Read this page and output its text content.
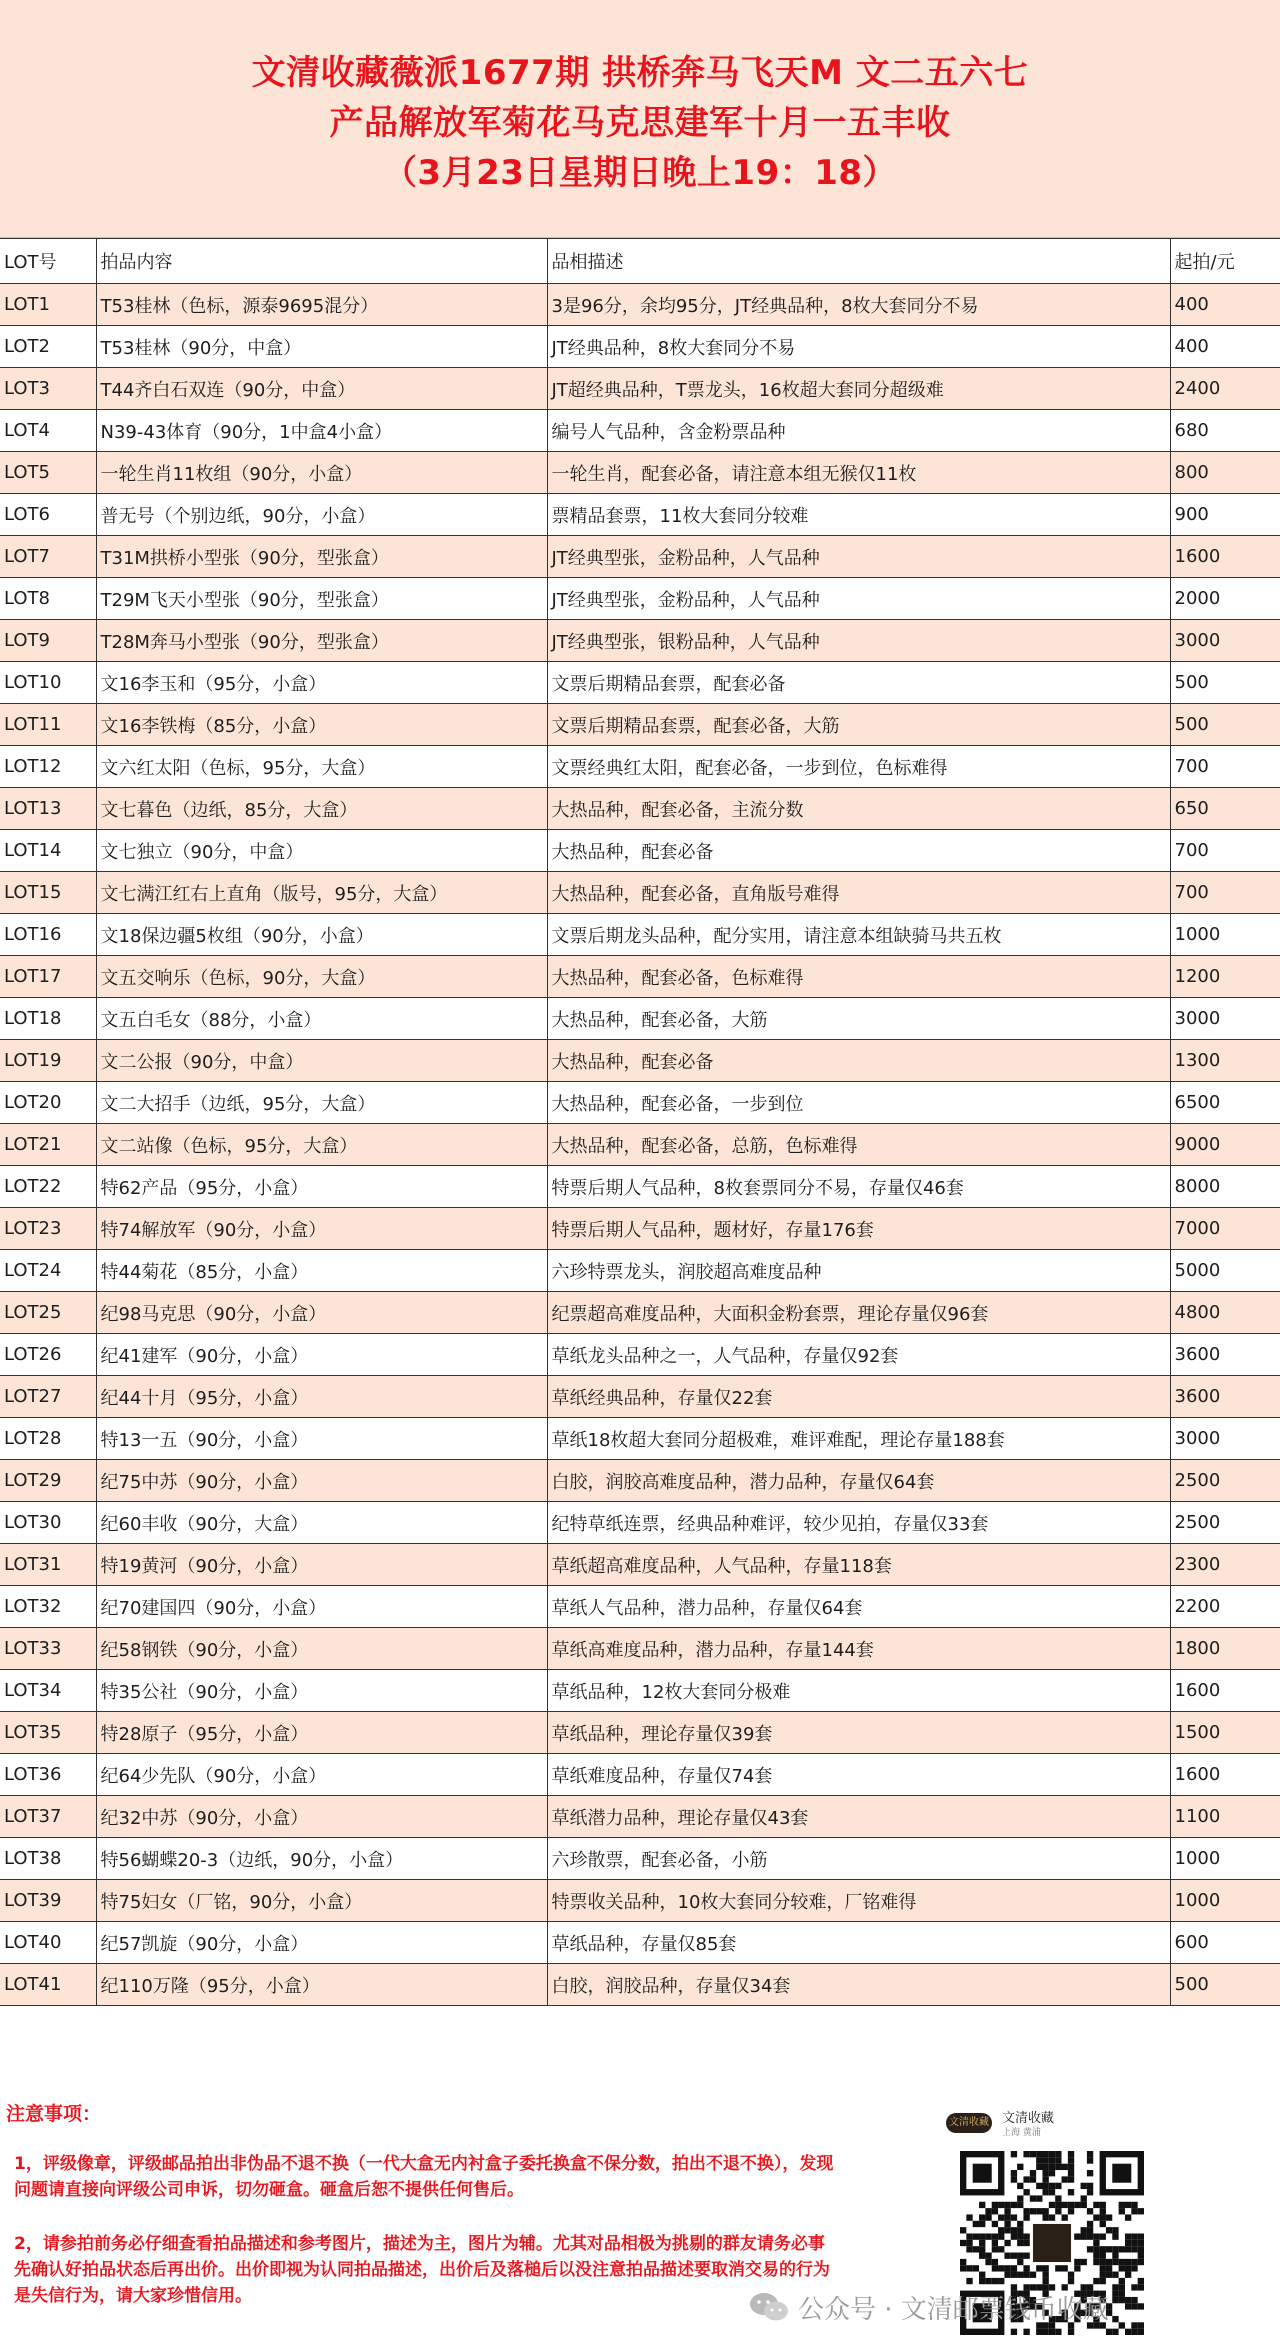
文清收藏薇派1677期 拱桥奔马飞天M 文二五六七
产品解放军菊花马克思建军十月一五丰收
（3月23日星期日晚上19：18）
LOT号	拍品内容	品相描述	起拍/元
LOT1	T53桂林（色标，源泰9695混分）	3是96分，余均95分，JT经典品种，8枚大套同分不易	400
LOT2	T53桂林（90分，中盒）	JT经典品种，8枚大套同分不易	400
LOT3	T44齐白石双连（90分，中盒）	JT超经典品种，T票龙头，16枚超大套同分超级难	2400
LOT4	N39-43体育（90分，1中盒4小盒）	编号人气品种，含金粉票品种	680
LOT5	一轮生肖11枚组（90分，小盒）	一轮生肖，配套必备，请注意本组无猴仅11枚	800
LOT6	普无号（个别边纸，90分，小盒）	票精品套票，11枚大套同分较难	900
LOT7	T31M拱桥小型张（90分，型张盒）	JT经典型张，金粉品种，人气品种	1600
LOT8	T29M飞天小型张（90分，型张盒）	JT经典型张，金粉品种，人气品种	2000
LOT9	T28M奔马小型张（90分，型张盒）	JT经典型张，银粉品种，人气品种	3000
LOT10	文16李玉和（95分，小盒）	文票后期精品套票，配套必备	500
LOT11	文16李铁梅（85分，小盒）	文票后期精品套票，配套必备，大筋	500
LOT12	文六红太阳（色标，95分，大盒）	文票经典红太阳，配套必备，一步到位，色标难得	700
LOT13	文七暮色（边纸，85分，大盒）	大热品种，配套必备，主流分数	650
LOT14	文七独立（90分，中盒）	大热品种，配套必备	700
LOT15	文七满江红右上直角（版号，95分，大盒）	大热品种，配套必备，直角版号难得	700
LOT16	文18保边疆5枚组（90分，小盒）	文票后期龙头品种，配分实用，请注意本组缺骑马共五枚	1000
LOT17	文五交响乐（色标，90分，大盒）	大热品种，配套必备，色标难得	1200
LOT18	文五白毛女（88分，小盒）	大热品种，配套必备，大筋	3000
LOT19	文二公报（90分，中盒）	大热品种，配套必备	1300
LOT20	文二大招手（边纸，95分，大盒）	大热品种，配套必备，一步到位	6500
LOT21	文二站像（色标，95分，大盒）	大热品种，配套必备，总筋，色标难得	9000
LOT22	特62产品（95分，小盒）	特票后期人气品种，8枚套票同分不易，存量仅46套	8000
LOT23	特74解放军（90分，小盒）	特票后期人气品种，题材好，存量176套	7000
LOT24	特44菊花（85分，小盒）	六珍特票龙头，润胶超高难度品种	5000
LOT25	纪98马克思（90分，小盒）	纪票超高难度品种，大面积金粉套票，理论存量仅96套	4800
LOT26	纪41建军（90分，小盒）	草纸龙头品种之一，人气品种，存量仅92套	3600
LOT27	纪44十月（95分，小盒）	草纸经典品种，存量仅22套	3600
LOT28	特13一五（90分，小盒）	草纸18枚超大套同分超极难，难评难配，理论存量188套	3000
LOT29	纪75中苏（90分，小盒）	白胶，润胶高难度品种，潜力品种，存量仅64套	2500
LOT30	纪60丰收（90分，大盒）	纪特草纸连票，经典品种难评，较少见拍，存量仅33套	2500
LOT31	特19黄河（90分，小盒）	草纸超高难度品种，人气品种，存量118套	2300
LOT32	纪70建国四（90分，小盒）	草纸人气品种，潜力品种，存量仅64套	2200
LOT33	纪58钢铁（90分，小盒）	草纸高难度品种，潜力品种，存量144套	1800
LOT34	特35公社（90分，小盒）	草纸品种，12枚大套同分极难	1600
LOT35	特28原子（95分，小盒）	草纸品种，理论存量仅39套	1500
LOT36	纪64少先队（90分，小盒）	草纸难度品种，存量仅74套	1600
LOT37	纪32中苏（90分，小盒）	草纸潜力品种，理论存量仅43套	1100
LOT38	特56蝴蝶20-3（边纸，90分，小盒）	六珍散票，配套必备，小筋	1000
LOT39	特75妇女（厂铭，90分，小盒）	特票收关品种，10枚大套同分较难，厂铭难得	1000
LOT40	纪57凯旋（90分，小盒）	草纸品种，存量仅85套	600
LOT41	纪110万隆（95分，小盒）	白胶，润胶品种，存量仅34套	500
注意事项：
1，评级像章，评级邮品拍出非伪品不退不换（一代大盒无内衬盒子委托换盒不保分数，拍出不退不换），发现问题请直接向评级公司申诉，切勿砸盒。砸盒后恕不提供任何售后。
2，请参拍前务必仔细查看拍品描述和参考图片，描述为主，图片为辅。尤其对品相极为挑剔的群友请务必事先确认好拍品状态后再出价。出价即视为认同拍品描述，出价后及落槌后以没注意拍品描述要取消交易的行为是失信行为，请大家珍惜信用。
文清收藏 文清收藏
上海 黄浦
公众号 · 文清邮票钱币收藏
